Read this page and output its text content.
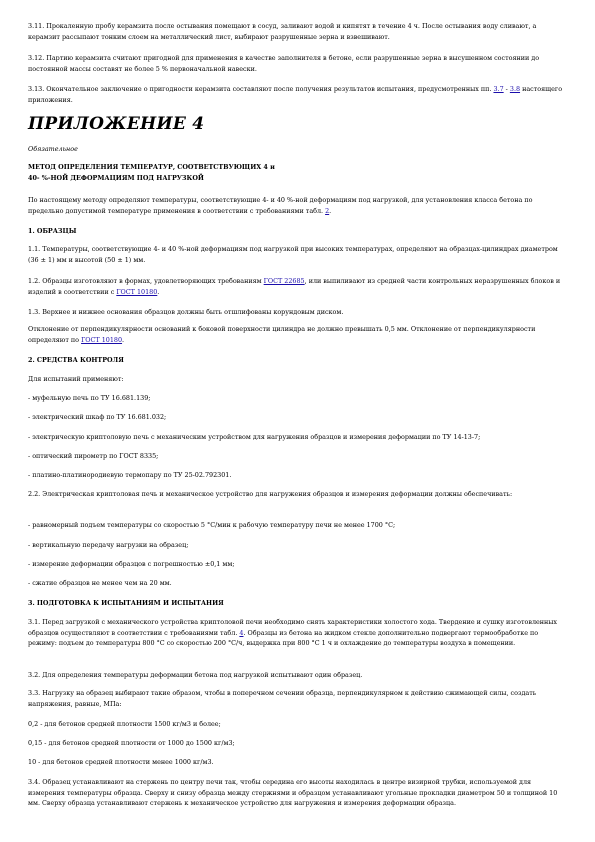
3.11. Прокаленную пробу керамзита после остывания помещают в сосуд, заливают водой и кипятят в течение 4 ч. После остывания воду сливают, а керамзит рассыпают тонким слоем на металлический лист, выбирают разрушенные зерна и взвешивают.

3.12. Партию керамзита считают пригодной для применения в качестве заполнителя в бетоне, если разрушенные зерна в высушенном состоянии до постоянной массы составят не более 5 % первоначальной навески.

3.13. Окончательное заключение о пригодности керамзита составляют после получения результатов испытания, предусмотренных пп. 3.7 - 3.8 настоящего приложения.

ПРИЛОЖЕНИЕ 4

Обязательное

МЕТОД ОПРЕДЕЛЕНИЯ ТЕМПЕРАТУР, СООТВЕТСТВУЮЩИХ 4 и

40- %-НОЙ ДЕФОРМАЦИЯМ ПОД НАГРУЗКОЙ

По настоящему методу определяют температуры, соответствующие 4- и 40 %-ной деформациям под нагрузкой, для установления класса бетона по предельно допустимой температуре применения в соответствии с требованиями табл. 2.

1. ОБРАЗЦЫ

1.1. Температуры, соответствующие 4- и 40 %-ной деформациям под нагрузкой при высоких температурах, определяют на образцах-цилиндрах диаметром (36 ± 1) мм и высотой (50 ± 1) мм.

1.2. Образцы изготовляют в формах, удовлетворяющих требованиям ГОСТ 22685, или выпиливают из средней части контрольных неразрушенных блоков и изделий в соответствии с ГОСТ 10180.

1.3. Верхнее и нижнее основания образцов должны быть отшлифованы корундовым диском.

Отклонение от перпендикулярности оснований к боковой поверхности цилиндра не должно превышать 0,5 мм. Отклонение от перпендикулярности определяют по ГОСТ 10180.

2. СРЕДСТВА КОНТРОЛЯ

Для испытаний применяют:

- муфельную печь по ТУ 16.681.139;

- электрический шкаф по ТУ 16.681.032;

- электрическую криптоловую печь с механическим устройством для нагружения образцов и измерения деформации по ТУ 14-13-7;

- оптический пирометр по ГОСТ 8335;

- платино-платинородиевую термопару по ТУ 25-02.792301.

2.2. Электрическая криптоловая печь и механическое устройство для нагружения образцов и измерения деформации должны обеспечивать:

- равномерный подъем температуры со скоростью 5 °С/мин к рабочую температуру печи не менее 1700 °С;

- вертикальную передачу нагрузки на образец;

- измерение деформации образцов с погрешностью ±0,1 мм;

- сжатие образцов не менее чем на 20 мм.

3. ПОДГОТОВКА К ИСПЫТАНИЯМ И ИСПЫТАНИЯ

3.1. Перед загрузкой с механического устройства криптоловой печи необходимо снять характеристики холостого хода. Твердение и сушку изготовленных образцов осуществляют в соответствии с требованиями табл. 4. Образцы из бетона на жидком стекле дополнительно подвергают термообработке по режиму: подъем до температуры 800 °С со скоростью 200 °С/ч, выдержка при 800 °С 1 ч и охлаждение до температуры воздуха в помещении.

3.2. Для определения температуры деформации бетона под нагрузкой испытывают один образец.

3.3. Нагрузку на образец выбирают такие образом, чтобы в поперечном сечении образца, перпендикулярном к действию сжимающей силы, создать напряжения, равные, МПа:

0,2 - для бетонов средней плотности 1500 кг/м3 и более;

0,15 - для бетонов средней плотности от 1000 до 1500 кг/м3;

10 - для бетонов средней плотности менее 1000 кг/м3.

3.4. Образец устанавливают на стержень по центру печи так, чтобы середина его высоты находилась в центре визирной трубки, используемой для измерения температуры образца. Сверху и снизу образца между стержнями и образцом устанавливают угольные прокладки диаметром 50 и толщиной 10 мм. Сверху образца устанавливают стержень к механическое устройство для нагружения и измерения деформации образца.
